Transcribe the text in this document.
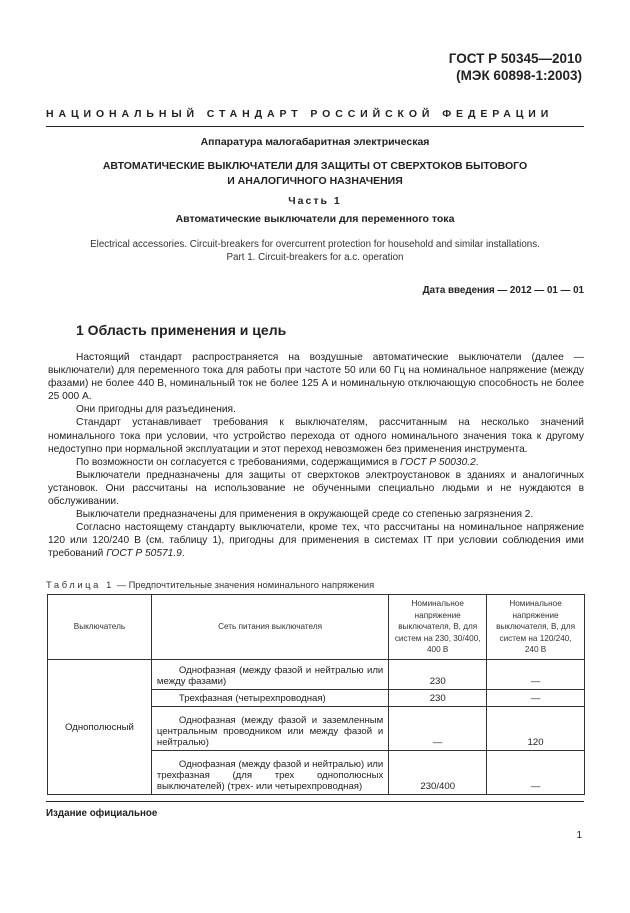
ГОСТ Р 50345—2010
(МЭК 60898-1:2003)
НАЦИОНАЛЬНЫЙ СТАНДАРТ РОССИЙСКОЙ ФЕДЕРАЦИИ
Аппаратура малогабаритная электрическая
АВТОМАТИЧЕСКИЕ ВЫКЛЮЧАТЕЛИ ДЛЯ ЗАЩИТЫ ОТ СВЕРХТОКОВ БЫТОВОГО
И АНАЛОГИЧНОГО НАЗНАЧЕНИЯ
Часть 1
Автоматические выключатели для переменного тока
Electrical accessories. Circuit-breakers for overcurrent protection for household and similar installations.
Part 1. Circuit-breakers for a.c. operation
Дата введения — 2012 — 01 — 01
1 Область применения и цель

Настоящий стандарт распространяется на воздушные автоматические выключатели (далее — выключатели) для переменного тока для работы при частоте 50 или 60 Гц на номинальное напряжение (между фазами) не более 440 В, номинальный ток не более 125 А и номинальную отключающую способность не более 25 000 А.

Они пригодны для разъединения.

Стандарт устанавливает требования к выключателям, рассчитанным на несколько значений номинального тока при условии, что устройство перехода от одного номинального значения тока к другому недоступно при нормальной эксплуатации и этот переход невозможен без применения инструмента.

По возможности он согласуется с требованиями, содержащимися в ГОСТ Р 50030.2.

Выключатели предназначены для защиты от сверхтоков электроустановок в зданиях и аналогичных установок. Они рассчитаны на использование не обученными специально людьми и не нуждаются в обслуживании.

Выключатели предназначены для применения в окружающей среде со степенью загрязнения 2.

Согласно настоящему стандарту выключатели, кроме тех, что рассчитаны на номинальное напряжение 120 или 120/240 В (см. таблицу 1), пригодны для применения в системах IT при условии соблюдения ими требований ГОСТ Р 50571.9.

Таблица 1 — Предпочтительные значения номинального напряжения
Выключатель	Сеть питания выключателя	Номинальное напряжение выключателя, В, для систем на 230, 30/400, 400 В	Номинальное напряжение выключателя, В, для систем на 120/240, 240 В
Однополюсный	Однофазная (между фазой и нейтралью или между фазами)	230	—
	Трехфазная (четырехпроводная)	230	—
	Однофазная (между фазой и заземленным центральным проводником или между фазой и нейтралью)	—	120
	Однофазная (между фазой и нейтралью) или трехфазная (для трех однополюсных выключателей) (трех- или четырехпроводная)	230/400	—
Издание официальное
1
